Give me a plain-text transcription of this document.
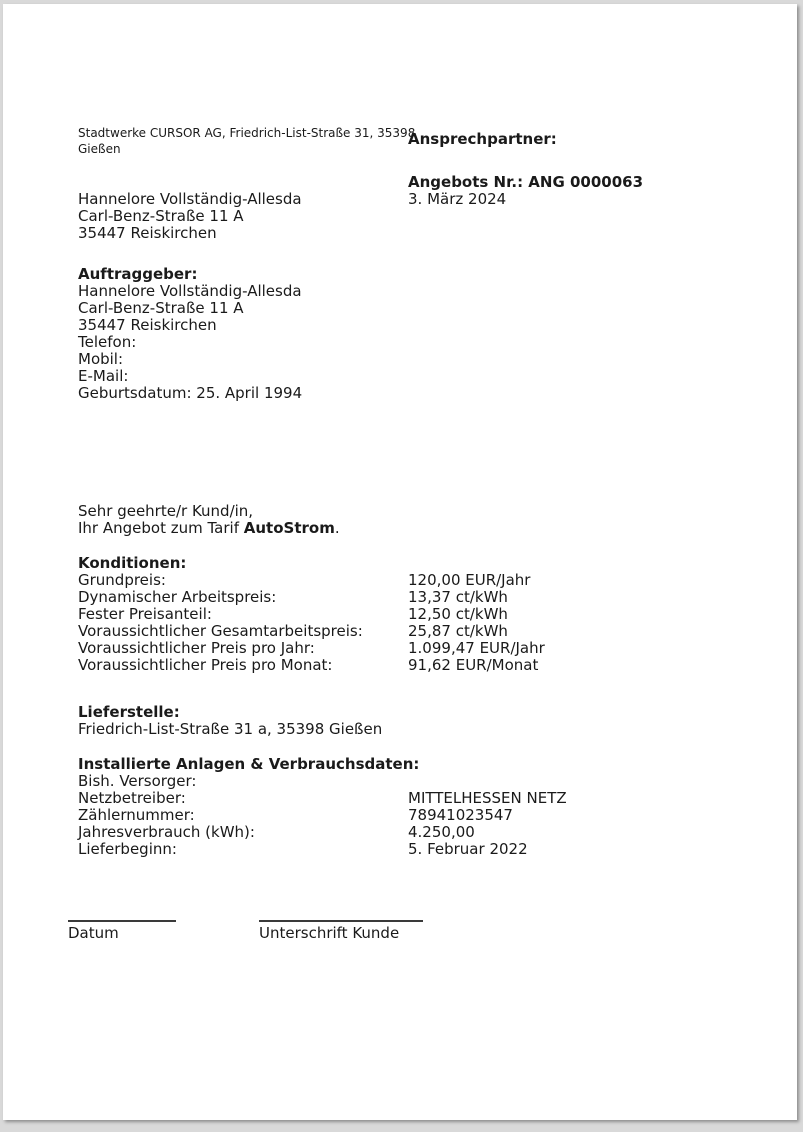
Stadtwerke CURSOR AG, Friedrich-List-Straße 31, 35398 Gießen
Ansprechpartner:
Angebots Nr.: ANG 0000063
3. März 2024
Hannelore Vollständig-Allesda
Carl-Benz-Straße 11 A
35447 Reiskirchen
Auftraggeber:
Hannelore Vollständig-Allesda
Carl-Benz-Straße 11 A
35447 Reiskirchen
Telefon:
Mobil:
E-Mail:
Geburtsdatum: 25. April 1994
Sehr geehrte/r Kund/in,
Ihr Angebot zum Tarif AutoStrom.
Konditionen:
Grundpreis:	120,00 EUR/Jahr
Dynamischer Arbeitspreis:	13,37 ct/kWh
Fester Preisanteil:	12,50 ct/kWh
Voraussichtlicher Gesamtarbeitspreis:	25,87 ct/kWh
Voraussichtlicher Preis pro Jahr:	1.099,47 EUR/Jahr
Voraussichtlicher Preis pro Monat:	91,62 EUR/Monat
Lieferstelle:
Friedrich-List-Straße 31 a, 35398 Gießen
Installierte Anlagen & Verbrauchsdaten:
Bish. Versorger:
Netzbetreiber:	MITTELHESSEN NETZ
Zählernummer:	78941023547
Jahresverbrauch (kWh):	4.250,00
Lieferbeginn:	5. Februar 2022
Datum	Unterschrift Kunde
